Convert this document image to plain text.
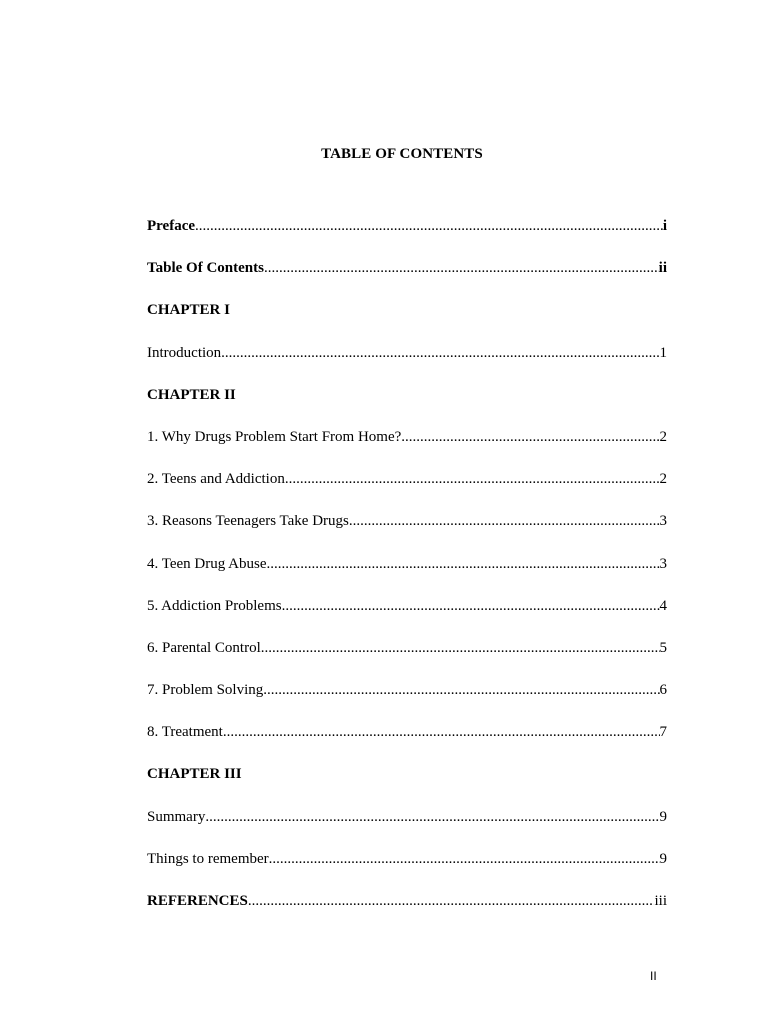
TABLE OF CONTENTS
Preface .....	i
Table Of Contents .....	ii
CHAPTER I
Introduction .....	1
CHAPTER II
1. Why Drugs Problem Start From Home? .....	2
2. Teens and Addiction .....	2
3. Reasons Teenagers Take Drugs .....	3
4. Teen Drug Abuse .....	3
5. Addiction Problems .....	4
6. Parental Control .....	5
7. Problem Solving .....	6
8. Treatment .....	7
CHAPTER III
Summary .....	9
Things to remember .....	9
REFERENCES .....	iii
II
